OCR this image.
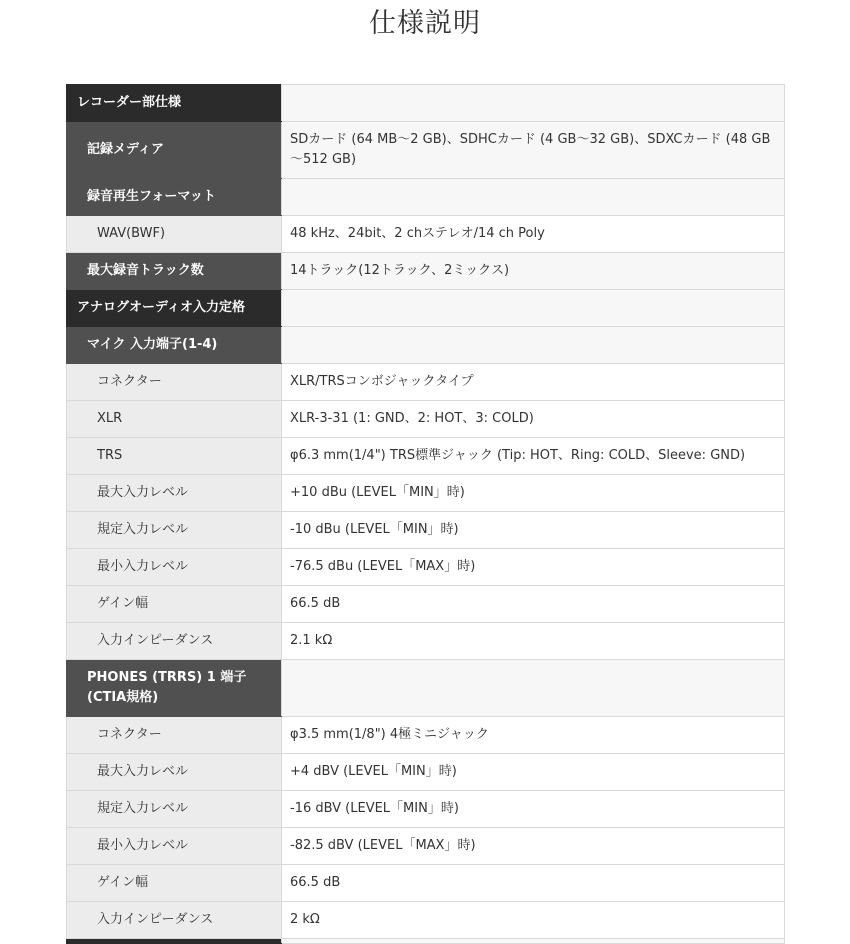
仕様説明
レコーダー部仕様	
記録メディア	SDカード (64 MB～2 GB)、SDHCカード (4 GB～32 GB)、SDXCカード (48 GB～512 GB)
録音再生フォーマット	
WAV(BWF)	48 kHz、24bit、2 chステレオ/14 ch Poly
最大録音トラック数	14トラック(12トラック、2ミックス)
アナログオーディオ入力定格	
マイク 入力端子(1-4)	
コネクター	XLR/TRSコンボジャックタイプ
XLR	XLR-3-31 (1: GND、2: HOT、3: COLD)
TRS	φ6.3 mm(1/4") TRS標準ジャック (Tip: HOT、Ring: COLD、Sleeve: GND)
最大入力レベル	+10 dBu (LEVEL「MIN」時)
規定入力レベル	-10 dBu (LEVEL「MIN」時)
最小入力レベル	-76.5 dBu (LEVEL「MAX」時)
ゲイン幅	66.5 dB
入力インピーダンス	2.1 kΩ
PHONES (TRRS) 1 端子 (CTIA規格)	
コネクター	φ3.5 mm(1/8") 4極ミニジャック
最大入力レベル	+4 dBV (LEVEL「MIN」時)
規定入力レベル	-16 dBV (LEVEL「MIN」時)
最小入力レベル	-82.5 dBV (LEVEL「MAX」時)
ゲイン幅	66.5 dB
入力インピーダンス	2 kΩ
